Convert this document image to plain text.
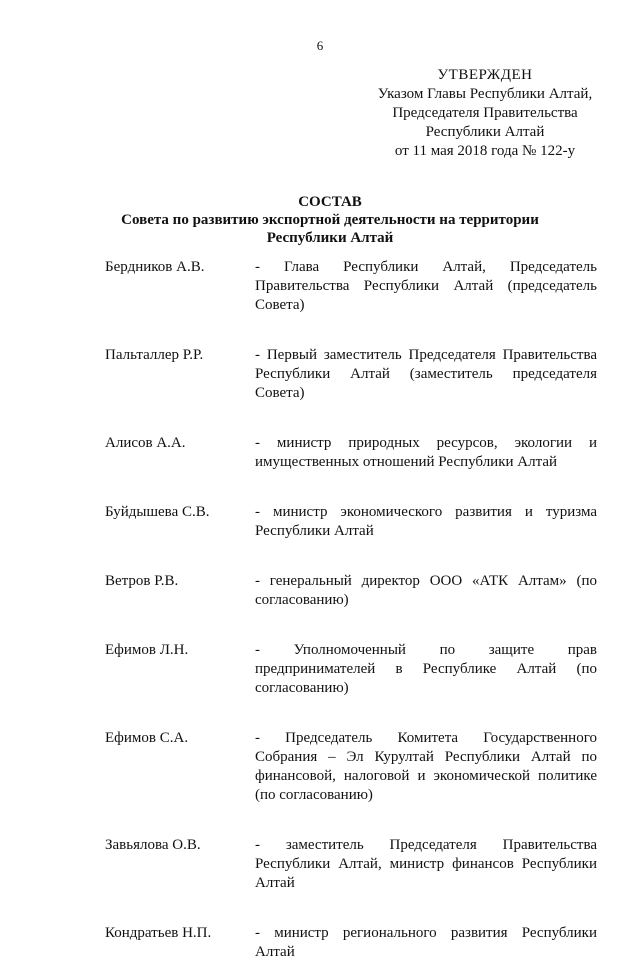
6
УТВЕРЖДЕН
Указом Главы Республики Алтай,
Председателя Правительства
Республики Алтай
от 11 мая 2018 года № 122-у
СОСТАВ
Совета по развитию экспортной деятельности на территории Республики Алтай
Бердников А.В.	- Глава Республики Алтай, Председатель Правительства Республики Алтай (председатель Совета)
Пальталлер Р.Р.	- Первый заместитель Председателя Правительства Республики Алтай (заместитель председателя Совета)
Алисов А.А.	- министр природных ресурсов, экологии и имущественных отношений Республики Алтай
Буйдышева С.В.	- министр экономического развития и туризма Республики Алтай
Ветров Р.В.	- генеральный директор ООО «АТК Алтам» (по согласованию)
Ефимов Л.Н.	- Уполномоченный по защите прав предпринимателей в Республике Алтай (по согласованию)
Ефимов С.А.	- Председатель Комитета Государственного Собрания – Эл Курултай Республики Алтай по финансовой, налоговой и экономической политике (по согласованию)
Завьялова О.В.	- заместитель Председателя Правительства Республики Алтай, министр финансов Республики Алтай
Кондратьев Н.П.	- министр регионального развития Республики Алтай
